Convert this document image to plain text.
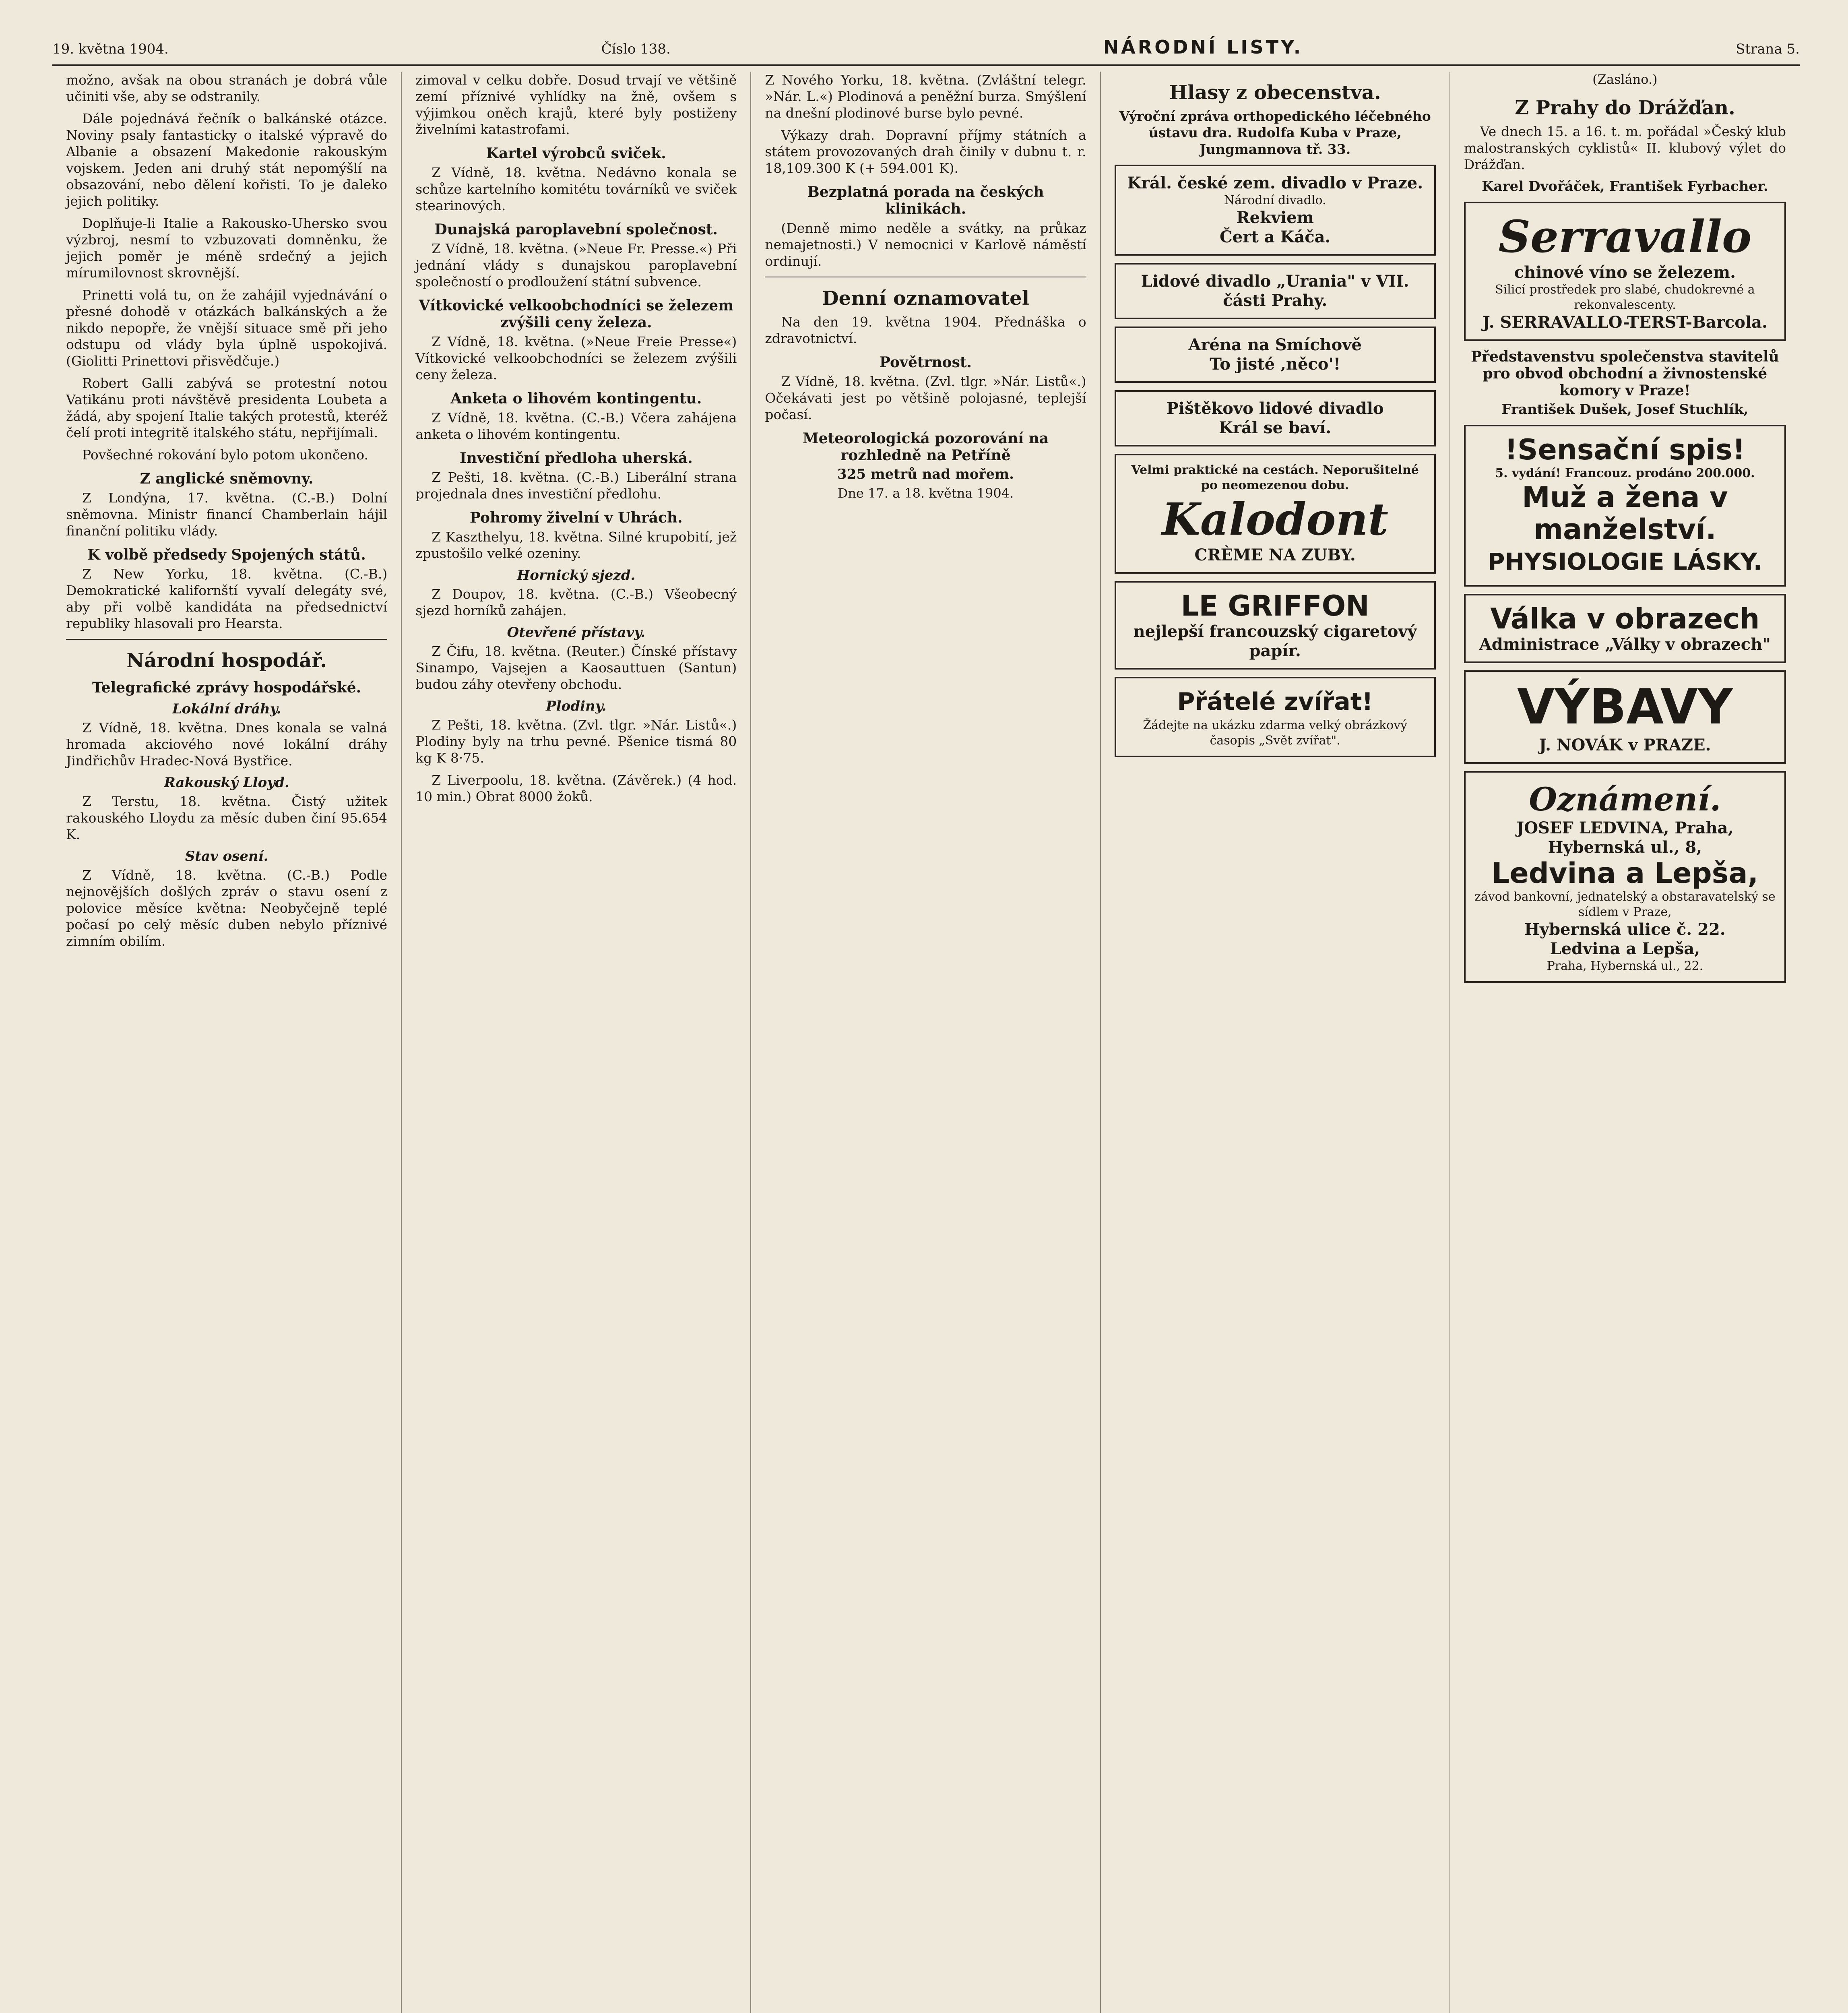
19. května 1904.	Číslo 138.	NÁRODNÍ LISTY.	Strana 5.

možno, avšak na obou stranách je dobrá vůle učiniti vše, aby se odstranily.

Dále pojednává řečník o balkánské otázce. Noviny psaly fantasticky o italské výpravě do Albanie a obsazení Makedonie rakouským vojskem. Jeden ani druhý stát nepomýšlí na obsazování, nebo dělení kořisti. To je daleko jejich politiky.

Doplňuje-li Italie a Rakousko-Uhersko svou výzbroj, nesmí to vzbuzovati domněnku, že jejich poměr je méně srdečný a jejich mírumilovnost skrovnější.

Prinetti volá tu, on že zahájil vyjednávání o přesné dohodě v otázkách balkánských a že nikdo nepopře, že vnější situace smě při jeho odstupu od vlády byla úplně uspokojivá. (Giolitti Prinettovi přisvědčuje.)

Robert Galli zabývá se protestní notou Vatikánu proti návštěvě presidenta Loubeta a žádá, aby spojení Italie takých protestů, kteréž čelí proti integritě italského státu, nepřijímali.

Povšechné rokování bylo potom ukončeno.

Z anglické sněmovny.

Z Londýna, 17. května. (C.-B.) Dolní sněmovna. Ministr financí Chamberlain hájil finanční politiku vlády.

K volbě předsedy Spojených států.

Z New Yorku, 18. května. (C.-B.) Demokratické kalifornští vyvalí delegáty své, aby při volbě kandidáta na předsednictví republiky hlasovali pro Hearsta.

Národní hospodář.
Telegrafické zprávy hospodářské.
Lokální dráhy.

Z Vídně, 18. května. Dnes konala se valná hromada akciového nové lokální dráhy Jindřichův Hradec-Nová Bystřice.

Rakouský Lloyd.

Z Terstu, 18. května. Čistý užitek rakouského Lloydu za měsíc duben činí 95.654 K.

Stav osení.

Z Vídně, 18. května. (C.-B.) Podle nejnovějších došlých zpráv o stavu osení z polovice měsíce května: Neobyčejně teplé počasí po celý měsíc duben nebylo příznivé zimním obilím.

zimoval v celku dobře. Dosud trvají ve většině zemí příznivé vyhlídky na žně, ovšem s výjimkou oněch krajů, které byly postiženy živelními katastrofami.

Kartel výrobců sviček.

Z Vídně, 18. května. Nedávno konala se schůze kartelního komitétu továrníků ve sviček stearinových.

Dunajská paroplavební společnost.

Z Vídně, 18. května. (»Neue Fr. Presse.«) Při jednání vlády s dunajskou paroplavební společností o prodloužení státní subvence.

Vítkovické velkoobchodníci se železem zvýšili ceny železa.

Z Vídně, 18. května. (»Neue Freie Presse«) Vítkovické velkoobchodníci se železem zvýšili ceny železa.

Anketa o lihovém kontingentu.

Z Vídně, 18. května. (C.-B.) Včera zahájena anketa o lihovém kontingentu.

Investiční předloha uherská.

Z Pešti, 18. května. (C.-B.) Liberální strana projednala dnes investiční předlohu.

Pohromy živelní v Uhrách.

Z Kaszthelyu, 18. května. Silné krupobití, jež zpustošilo velké ozeniny.

Hornický sjezd.

Z Doupov, 18. května. (C.-B.) Všeobecný sjezd horníků zahájen.

Otevřené přístavy.

Z Čifu, 18. května. (Reuter.) Čínské přístavy Sinampo, Vajsejen a Kaosauttuen (Santun) budou záhy otevřeny obchodu.

Plodiny.

Z Pešti, 18. května. (Zvl. tlgr. »Nár. Listů«.) Plodiny byly na trhu pevné. Pšenice tismá 80 kg K 8·75.

Z Liverpoolu, 18. května. (Závěrek.) (4 hod. 10 min.) Obrat 8000 žoků.

Z Nového Yorku, 18. května. (Zvláštní telegr. »Nár. L.«) Plodinová a peněžní burza. Smýšlení na dnešní plodinové burse bylo pevné.

Výkazy drah. Dopravní příjmy státních a státem provozovaných drah činily v dubnu t. r. 18,109.300 K (+ 594.001 K).

Bezplatná porada na českých klinikách.

(Denně mimo neděle a svátky, na průkaz nemajetnosti.) V nemocnici v Karlově náměstí ordinují.

Denní oznamovatel

Na den 19. května 1904. Přednáška o zdravotnictví.

Povětrnost.

Z Vídně, 18. května. (Zvl. tlgr. »Nár. Listů«.) Očekávati jest po většině polojasné, teplejší počasí.

Meteorologická pozorování na rozhledně na Petříně
325 metrů nad mořem.
Dne 17. a 18. května 1904.
Hlasy z obecenstva.

Výroční zpráva orthopedického léčebného ústavu dra. Rudolfa Kuba v Praze, Jungmannova tř. 33.

Král. české zem. divadlo v Praze.
Národní divadlo.
Rekviem
Čert a Káča.
Lidové divadlo „Urania" v VII. části Prahy.
Aréna na Smíchově
To jisté ‚něco'!
Pištěkovo lidové divadlo
Král se baví.
Velmi praktické na cestách. Neporušitelné po neomezenou dobu.
Kalodont
CRÈME NA ZUBY.
LE GRIFFON
nejlepší francouzský cigaretový papír.
Přátelé zvířat!
Žádejte na ukázku zdarma velký obrázkový časopis „Svět zvířat".
(Zasláno.)
Z Prahy do Drážďan.

Ve dnech 15. a 16. t. m. pořádal »Český klub malostranských cyklistů« II. klubový výlet do Drážďan.

Karel Dvořáček, František Fyrbacher.
Serravallo
chinové víno se železem.
Silicí prostředek pro slabé, chudokrevné a rekonvalescenty.
J. SERRAVALLO-TERST-Barcola.
Představenstvu společenstva stavitelů pro obvod obchodní a živnostenské komory v Praze!
František Dušek, Josef Stuchlík,
!Sensační spis!
5. vydání! Francouz. prodáno 200.000.
Muž a žena v manželství.
PHYSIOLOGIE LÁSKY.
Válka v obrazech
Administrace „Války v obrazech"
VÝBAVY
J. NOVÁK v PRAZE.
Oznámení.
JOSEF LEDVINA, Praha, Hybernská ul., 8,
Ledvina a Lepša,
závod bankovní, jednatelský a obstaravatelský se sídlem v Praze,
Hybernská ulice č. 22.
Ledvina a Lepša,
Praha, Hybernská ul., 22.
